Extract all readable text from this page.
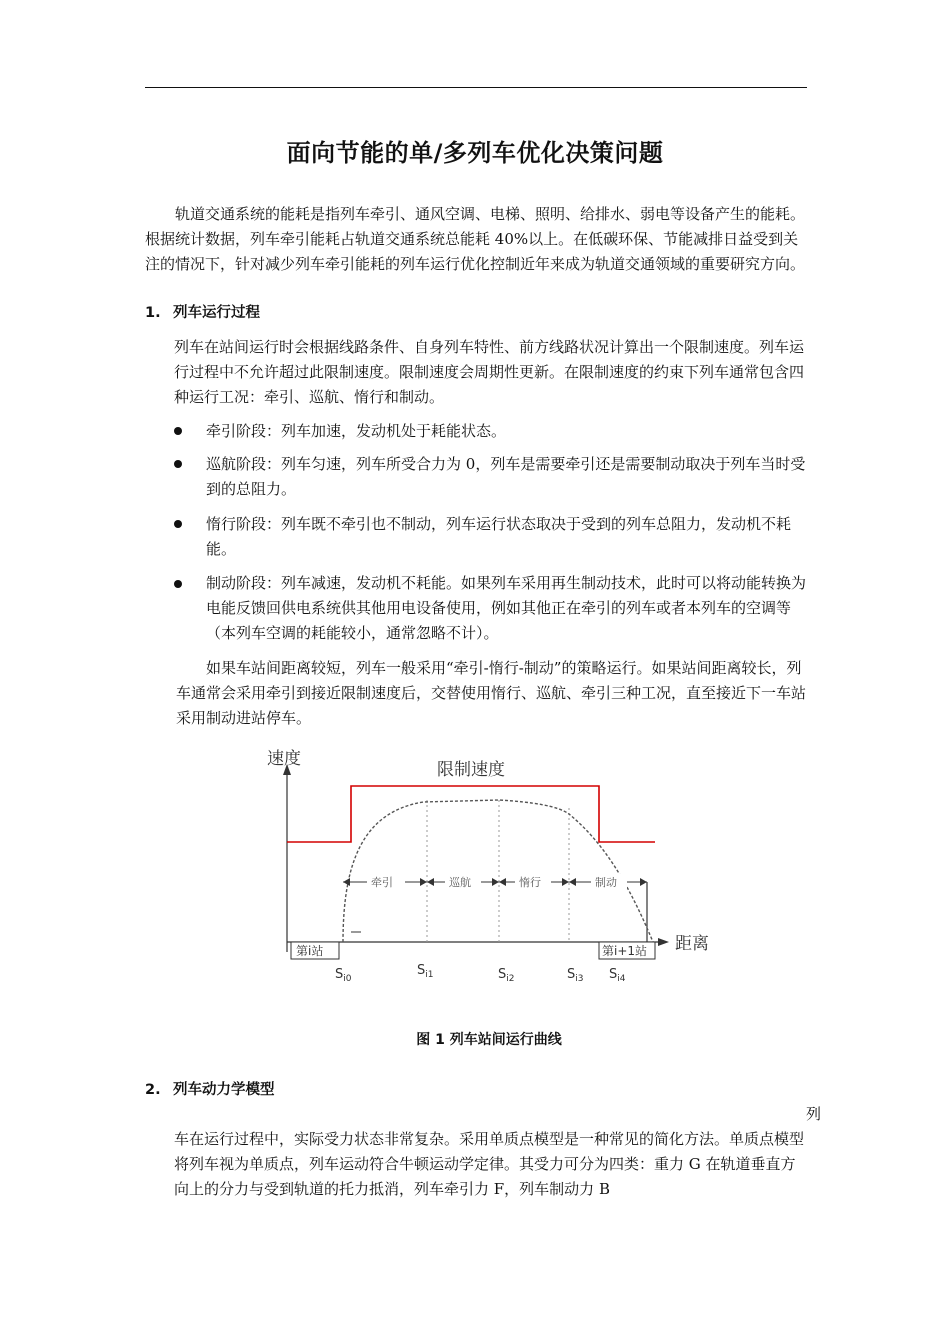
面向节能的单/多列车优化决策问题

轨道交通系统的能耗是指列车牵引、通风空调、电梯、照明、给排水、弱电等设备产生的能耗。根据统计数据，列车牵引能耗占轨道交通系统总能耗 40%以上。在低碳环保、节能减排日益受到关注的情况下，针对减少列车牵引能耗的列车运行优化控制近年来成为轨道交通领域的重要研究方向。

1. 列车运行过程

列车在站间运行时会根据线路条件、自身列车特性、前方线路状况计算出一个限制速度。列车运行过程中不允许超过此限制速度。限制速度会周期性更新。在限制速度的约束下列车通常包含四种运行工况：牵引、巡航、惰行和制动。

牵引阶段：列车加速，发动机处于耗能状态。

巡航阶段：列车匀速，列车所受合力为 0，列车是需要牵引还是需要制动取决于列车当时受到的总阻力。

惰行阶段：列车既不牵引也不制动，列车运行状态取决于受到的列车总阻力，发动机不耗能。

制动阶段：列车减速，发动机不耗能。如果列车采用再生制动技术，此时可以将动能转换为电能反馈回供电系统供其他用电设备使用，例如其他正在牵引的列车或者本列车的空调等（本列车空调的耗能较小，通常忽略不计）。

如果车站间距离较短，列车一般采用“牵引-惰行-制动”的策略运行。如果站间距离较长，列车通常会采用牵引到接近限制速度后，交替使用惰行、巡航、牵引三种工况，直至接近下一车站采用制动进站停车。

速度
距离
限制速度
牵引	巡航	惰行	制动
第i站	第i+1站
$S_{i0}$
$S_{i1}$	$S_{i2}$	$S_{i3}$ $S_{i4}$
图 1 列车站间运行曲线
2. 列车动力学模型
列

车在运行过程中，实际受力状态非常复杂。采用单质点模型是一种常见的简化方法。单质点模型将列车视为单质点，列车运动符合牛顿运动学定律。其受力可分为四类：重力 G 在轨道垂直方向上的分力与受到轨道的托力抵消，列车牵引力 F，列车制动力 B
